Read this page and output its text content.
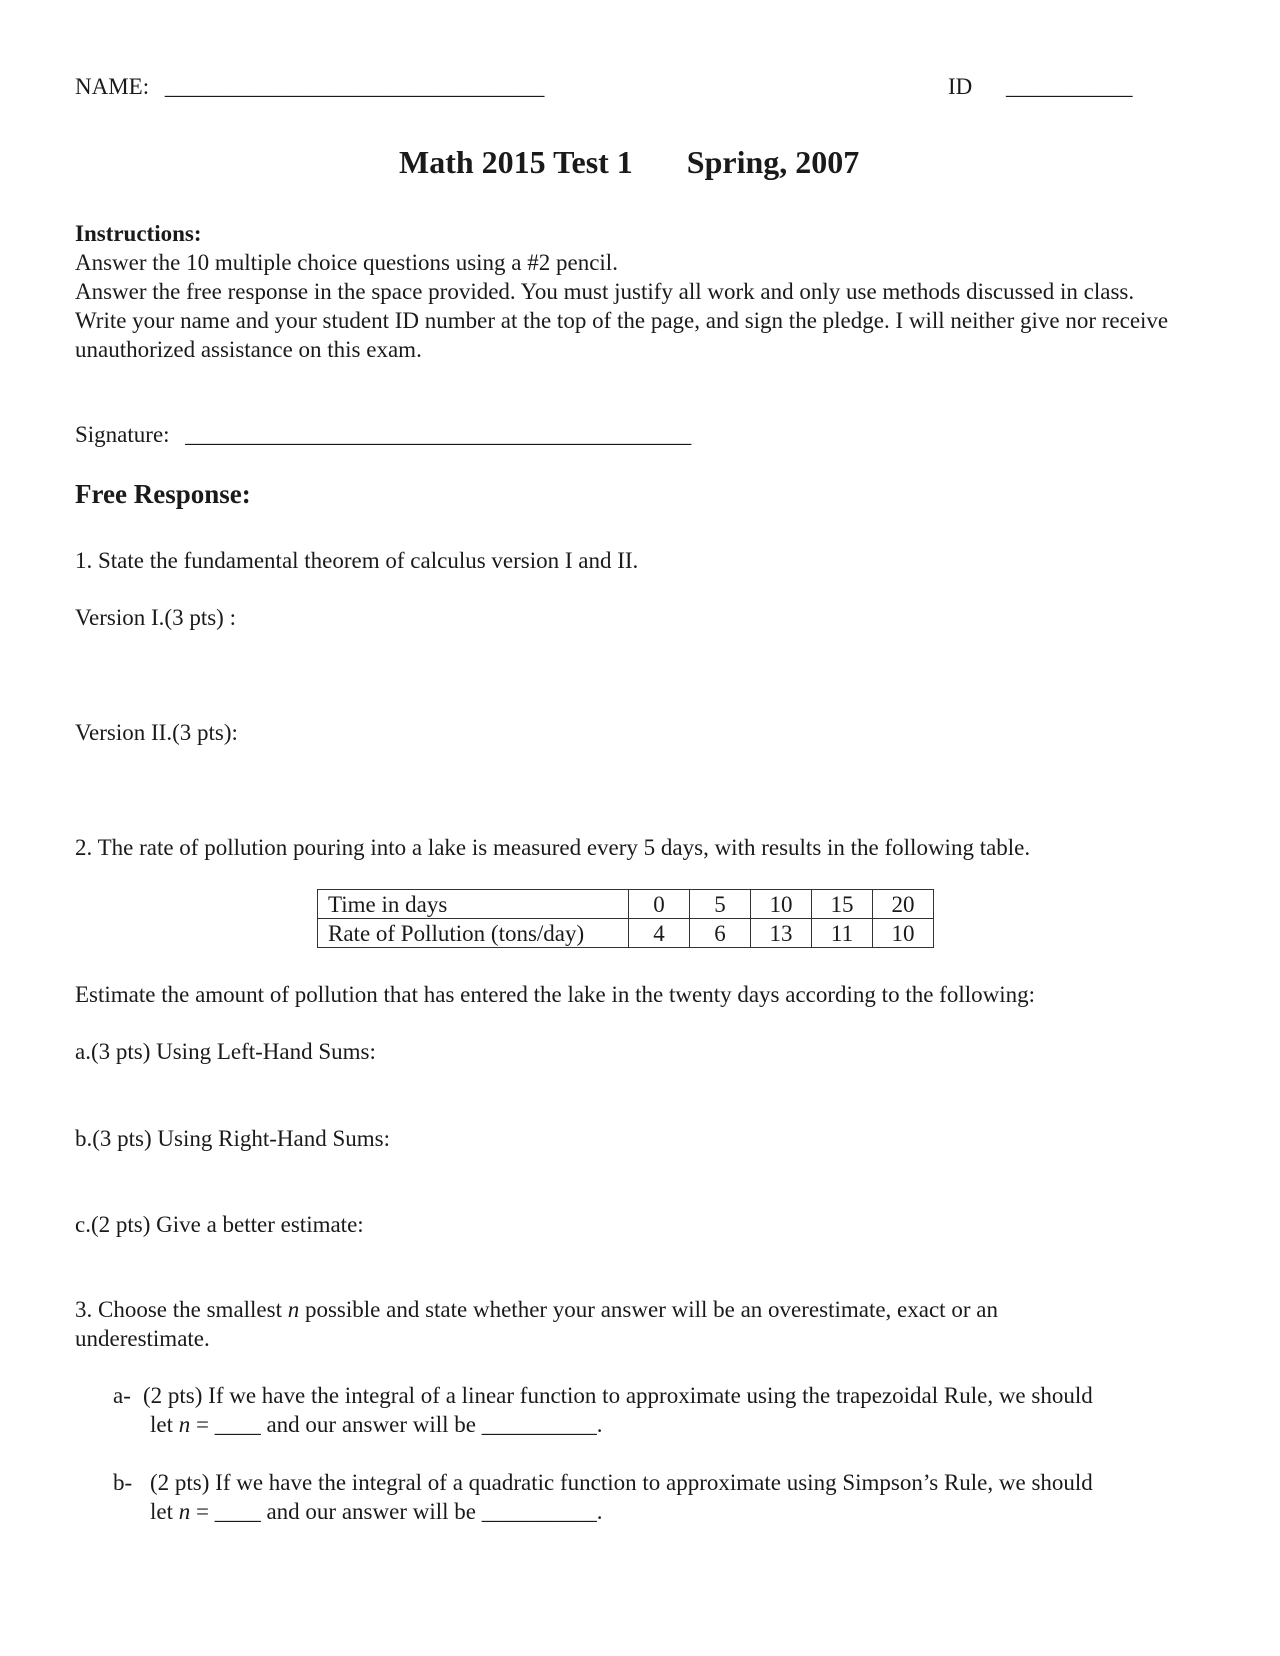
NAME: _________________________________	ID ___________
Math 2015 Test 1 Spring, 2007
Instructions:
Answer the 10 multiple choice questions using a #2 pencil.
Answer the free response in the space provided. You must justify all work and only use methods discussed in class.
Write your name and your student ID number at the top of the page, and sign the pledge. I will neither give nor receive unauthorized assistance on this exam.
Signature: ____________________________________________
Free Response:
1. State the fundamental theorem of calculus version I and II.
Version I.(3 pts) :
Version II.(3 pts):
2. The rate of pollution pouring into a lake is measured every 5 days, with results in the following table.
Time in days	0	5	10	15	20
Rate of Pollution (tons/day)	4	6	13	11	10
Estimate the amount of pollution that has entered the lake in the twenty days according to the following:
a.(3 pts) Using Left-Hand Sums:
b.(3 pts) Using Right-Hand Sums:
c.(2 pts) Give a better estimate:
3. Choose the smallest n possible and state whether your answer will be an overestimate, exact or an
underestimate.
a- (2 pts) If we have the integral of a linear function to approximate using the trapezoidal Rule, we should
let n = ____ and our answer will be __________.
b- (2 pts) If we have the integral of a quadratic function to approximate using Simpson’s Rule, we should
let n = ____ and our answer will be __________.
